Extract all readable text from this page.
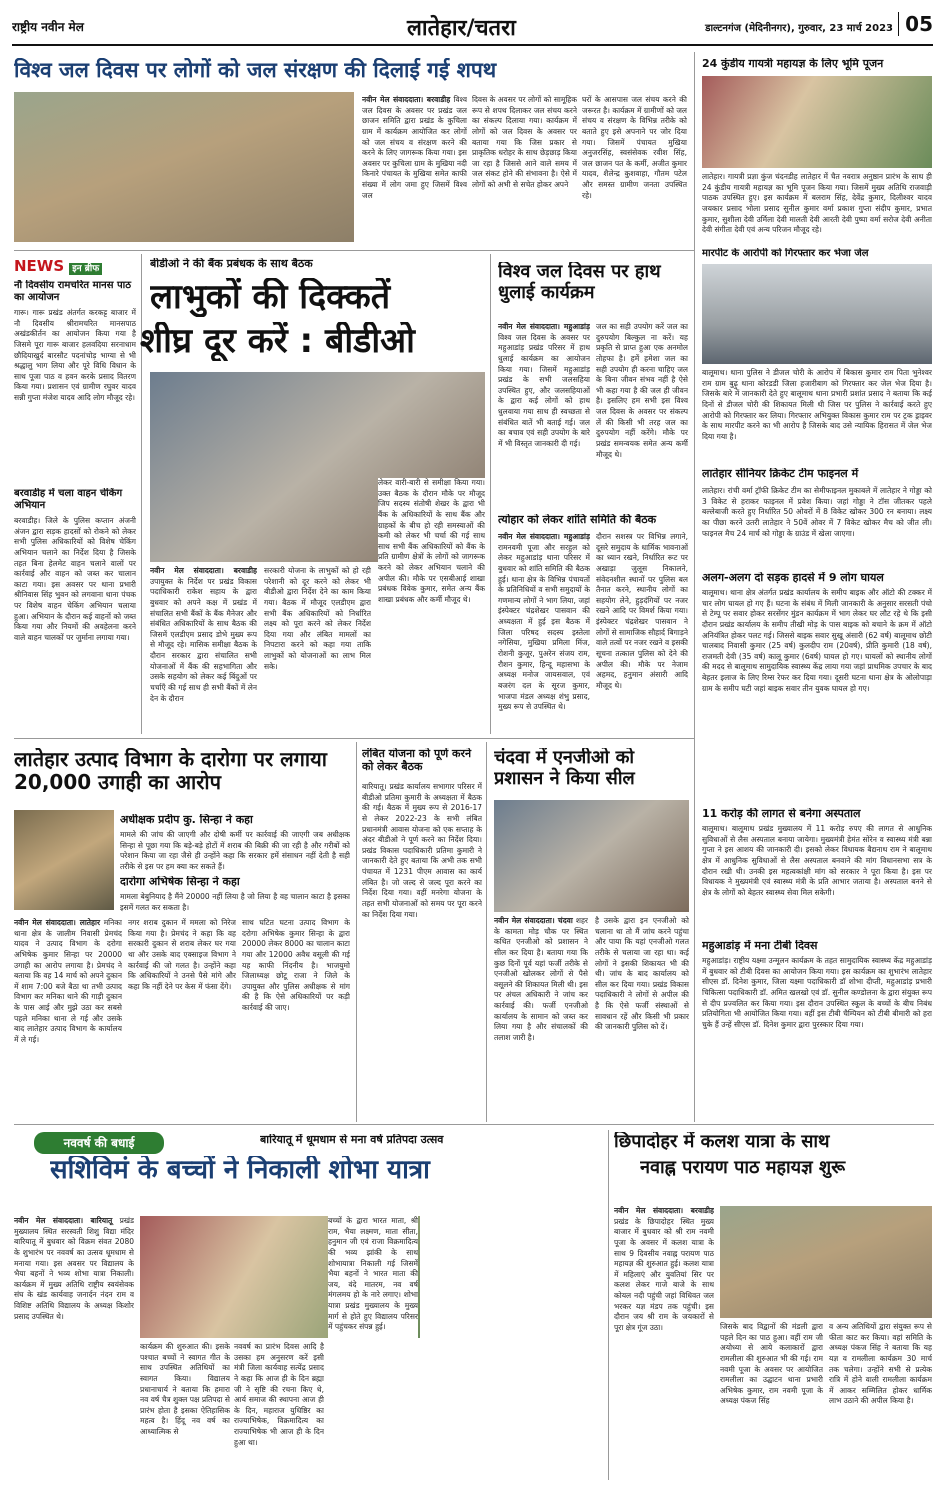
राष्ट्रीय नवीन मेल	लातेहार/चतरा	डाल्टनगंज (मेदिनीनगर), गुरुवार, 23 मार्च 2023 05
विश्व जल दिवस पर लोगों को जल संरक्षण की दिलाई गई शपथ
नवीन मेल संवाददाता। बरवाडीह विश्व जल दिवस के अवसर पर प्रखंड जल छाजन समिति द्वारा प्रखंड के कुचिला ग्राम में कार्यक्रम आयोजित कर लोगों को जल संचय व संरक्षण करने की करने के लिए जागरूक किया गया। इस अवसर पर कुचिला ग्राम के मुखिया नदी किनारे पंचायत के मुखिया समेत काफी संख्या में लोग जमा हुए जिसमें विश्व जल
दिवस के अवसर पर लोगों को सामूहिक रूप से शपथ दिलाकर जल संचय करने का संकल्प दिलाया गया। कार्यक्रम में लोगों को जल दिवस के अवसर पर बताया गया कि जिस प्रकार से प्राकृतिक धरोहर के साथ छेड़छाड़ किया जा रहा है जिससे आने वाले समय में जल संकट होने की संभावना है। ऐसे में लोगों को अभी से सचेत होकर अपने
घरों के आसपास जल संचय करने की जरूरत है। कार्यक्रम में ग्रामीणों को जल संचय व संरक्षण के विभिन्न तरीके को बताते हुए इसे अपनाने पर जोर दिया गया। जिसमें पंचायत मुखिया अनुजरसिंह, स्वसंसेवक रवीश सिंह, जल छाजन पत के कर्मी, अजीत कुमार यादव, शैलेन्द्र कुशवाहा, गौतम पटेल और समस्त ग्रामीण जनता उपस्थित रहे।
24 कुंडीय गायत्री महायज्ञ के लिए भूमि पूजन
लातेहार। गायत्री प्रज्ञा कुंज चंदनडीह लातेहार में चैत नवरात्र अनुष्ठान प्रारंभ के साथ ही 24 कुंडीय गायत्री महायज्ञ का भूमि पूजन किया गया। जिसमें मुख्य अतिथि राजवाड़ी पाठक उपस्थित हुए। इस कार्यक्रम में बलराम सिंह, देवेंद्र कुमार, दिलीश्वर यादव जयकार प्रसाद भोला प्रसाद सुनील कुमार वर्मा प्रकाश गुप्ता संदीप कुमार, प्रभात कुमार, सुशीला देवी उर्मिला देवी मालती देवी आरती देवी पुष्पा वर्मा सरोज देवी अनीता देवी संगीता देवी एवं अन्य परिजन मौजूद रहे।
NEWS इन ब्रीफ
नौ दिवसीय रामचरित मानस पाठ का आयोजन
गारू। गारू प्रखंड अंतर्गत करकट्ट बाजार में नौ दिवसीय श्रीरामचरित मानसपाठ अखंडकीर्तन का आयोजन किया गया है जिसमे पूरा गारू बाजार हलवदिया सरनाधाम छौदियाखुर्द बारसौट पदनांचोड़ भाग्या से भी श्रद्धालु भाग लिया और पूरे विधि विधान के साथ पूजा पाठ व हवन करके प्रसाद वितरण किया गया। प्रशासन एवं ग्रामीण रघुवर यादव सन्नी गुप्ता मंजेश यादव आदि लोग मौजूद रहे।
बरवाडीह में चला वाहन चेकिंग अभियान
बरवाडीह। जिले के पुलिस कप्तान अंजनी अंजन द्वारा सड़क हादसों को रोकने को लेकर सभी पुलिस अधिकारियों को विशेष चेकिंग अभियान चलाने का निर्देश दिया है जिसके तहत बिना हेलमेट वाहन चलाने वालों पर कार्रवाई और वाहन को जब्त कर चालान काटा गया। इस अवसर पर थाना प्रभारी श्रीनिवास सिंह भुवन को लगवाना थाना पंचक पर विशेष वाहन चेकिंग अभियान चलाया हुआ। अभियान के दौरान कई वाहनों को जब्त किया गया और नियमों की अवहेलना करने वाले वाहन चालकों पर जुर्माना लगाया गया।
बीडीओ ने की बैंक प्रबंधक के साथ बैठक
लाभुकों की दिक्कतें
शीघ्र दूर करें : बीडीओ
नवीन मेल संवाददाता। बरवाडीह उपायुक्त के निर्देश पर प्रखंड विकास पदाधिकारी राकेश सहाय के द्वारा बुधवार को अपने कक्ष में प्रखंड में संचालित सभी बैंकों के बैंक मैनेजर और संबंधित अधिकारियों के साथ बैठक की जिसमें एलडीएम प्रसाद डोभे मुख्य रूप से मौजूद रहे। मासिक समीक्षा बैठक के दौरान सरकार द्वारा संचालित सभी योजनाओं में बैंक की सहभागिता और उसके सहयोग को लेकर कई बिंदुओं पर चर्चाएँ की गई साथ ही सभी बैंकों में लेन देन के दौरान
सरकारी योजना के लाभुकों को हो रही परेशानी को दूर करने को लेकर भी बीडीओ द्वारा निर्देश देने का काम किया गया। बैठक में मौजूद एलडीएम द्वारा सभी बैंक अधिकारियों को निर्धारित लक्ष्य को पूरा करने को लेकर निर्देश दिया गया और लंबित मामलों का निपटारा करने को कहा गया ताकि लाभुकों को योजनाओं का लाभ मिल सके।
लेकर वारी-बारी से समीक्षा किया गया। उक्त बैठक के दौरान मौके पर मौजूद जिप सदस्य संतोषी शेखर के द्वारा भी बैंक के अधिकारियों के साथ बैंक और ग्राहकों के बीच हो रही समस्याओं की कमी को लेकर भी चर्चा की गई साथ साथ सभी बैंक अधिकारियों को बैंक के प्रति ग्रामीण क्षेत्रों के लोगों को जागरूक करने को लेकर अभियान चलाने की अपील की। मौके पर एसबीआई शाखा प्रबंधक विवेक कुमार, समेत अन्य बैंक शाखा प्रबंधक और कर्मी मौजूद थे।
विश्व जल दिवस पर हाथ धुलाई कार्यक्रम
नवीन मेल संवाददाता। महुआडांड़ विश्व जल दिवस के अवसर पर महुआडांड़ प्रखंड परिसर में हाथ धुलाई कार्यक्रम का आयोजन किया गया। जिसमें महुआडांड़ प्रखंड के सभी जलसहिया उपस्थित हुए, और जलसहियाओं के द्वारा कई लोगों को हाथ धुलवाया गया साथ ही स्वच्छता से संबंधित बातें भी बताई गई। जल का बचाव एवं सही उपयोग के बारे में भी विस्तृत जानकारी दी गई।
जल का सही उपयोग करें जल का दुरुपयोग बिल्कुल ना करें। यह प्रकृति से प्राप्त हुआ एक अनमोल तोहफा है। हमें हमेशा जल का सही उपयोग ही करना चाहिए जल के बिना जीवन संभव नहीं है ऐसे भी कहा गया है की जल ही जीवन है। इसलिए हम सभी इस विश्व जल दिवस के अवसर पर संकल्प लें की किसी भी तरह जल का दुरुपयोग नहीं करेंगे। मौके पर प्रखंड समन्वयक समेत अन्य कर्मी मौजूद थे।
त्योहार को लेकर शांति समिति की बैठक
नवीन मेल संवाददाता। महुआडांड़ रामनवमी पूजा और सरहुल को लेकर महुआडांड़ थाना परिसर में बुधवार को शांति समिति की बैठक हुई। थाना क्षेत्र के विभिन्न पंचायतों के प्रतिनिधियों व सभी समुदायों के गणमान्य लोगों ने भाग लिया, जहां इंस्पेक्टर चंद्रशेखर पासवान की अध्यक्षता में हुई इस बैठक में जिला परिषद सदस्य इस्तेला नगेसिया, मुखिया प्रमिला मिंज, रोशनी कुजूर, पुअरेन संजय राम, रौशन कुमार, हिन्दू महासभा के अध्यक्ष मनोज जायसवाल, एवं बजरंग दल के सूरज कुमार, भाजपा मंडल अध्यक्ष शंभु प्रसाद, मुख्य रूप से उपस्थित थे।
दौरान सशस्त्र पर विभिन्न लगाने, दूसरे समुदाय के धार्मिक भावनाओं का ध्यान रखने, निर्धारित रूट पर अखाड़ा जुलूस निकालने, संवेदनशील स्थानों पर पुलिस बल तैनात करने, स्थानीय लोगों का सहयोग लेने, हुड़दंगियों पर नजर रखने आदि पर विमर्श किया गया। इंस्पेक्टर चंद्रशेखर पासवान ने लोगों से सामाजिक सौहार्द बिगाड़ने वाले तत्वों पर नजर रखने व इसकी सूचना तत्काल पुलिस को देने की अपील की। मौके पर नेजाम अहमद, हनुमान अंसारी आदि मौजूद थे।
मारपीट के आरोपी को गिरफ्तार कर भेजा जेल
बालूमाथ। थाना पुलिस ने डीजल चोरी के आरोप में बिकास कुमार राम पिता भुनेश्वर राम ग्राम बुढ़ु थाना कोरडडी जिला हजारीबाग को गिरफ्तार कर जेल भेज दिया है। जिसके बारे में जानकारी देते हुए बालूमाथ थाना प्रभारी प्रशांत प्रसाद ने बताया कि कई दिनों से डीजल चोरी की शिकायत मिली थी जिस पर पुलिस ने कार्रवाई करते हुए आरोपी को गिरफ्तार कर लिया। गिरफ्तार अभियुक्त विकास कुमार राम पर ट्रक ड्राइवर के साथ मारपीट करने का भी आरोप है जिसके बाद उसे न्यायिक हिरासत में जेल भेज दिया गया है।
लातेहार सीनियर क्रिकेट टीम फाइनल में
लातेहार। रांची वर्मा ट्रॉफी क्रिकेट टीम का सेमीफाइनल मुकाबले में लातेहार ने गोड्डा को 3 विकेट से हराकर फाइनल में प्रवेश किया। जहां गोड्डा ने टॉस जीतकर पहले बल्लेबाजी करते हुए निर्धारित 50 ओवरों में 8 विकेट खोकर 300 रन बनाया। लक्ष्य का पीछा करने उतरी लातेहार ने 50वें ओवर में 7 विकेट खोकर मैच को जीत ली। फाइनल मैच 24 मार्च को गोड्डा के ग्राउंड में खेला जाएगा।
अलग-अलग दो सड़क हादसे में 9 लोग घायल
बालूमाथ। थाना क्षेत्र अंतर्गत प्रखंड कार्यालय के समीप बाइक और ऑटो की टक्कर में चार लोग घायल हो गए हैं। घटना के संबंध में मिली जानकारी के अनुसार सरसती पंचो से टेम्पू पर सवार होकर सरसेंगर मुंडन कार्यक्रम में भाग लेकर घर लौट रहे थे कि इसी दौरान प्रखंड कार्यालय के समीप तीखी मोड़ के पास बाइक को बचाने के क्रम में ऑटो अनियंत्रित होकर पलट गई। जिससे बाइक सवार सुखू अंसारी (62 वर्ष) बालूमाथ छोटी चालबाद निवासी कुमार (25 वर्ष) कुलदीप राम (20वर्ष), प्रीति कुमारी (18 वर्ष), राजमती देवी (35 वर्ष) कालू कुमार (6वर्ष) घायल हो गए। घायलों को स्थानीय लोगों की मदद से बालूमाथ सामुदायिक स्वास्थ्य केंद्र लाया गया जहां प्राथमिक उपचार के बाद बेहतर इलाज के लिए रिम्स रेफर कर दिया गया। दूसरी घटना थाना क्षेत्र के ओलोपाड़ा ग्राम के समीप घटी जहां बाइक सवार तीन युवक घायल हो गए।
11 करोड़ की लागत से बनेगा अस्पताल
बालूमाथ। बालूमाथ प्रखंड मुख्यालय में 11 करोड़ रुपए की लागत से आधुनिक सुविधाओं से लैस अस्पताल बनाया जायेगा। मुख्यमंत्री हेमंत सोरेन व स्वास्थ्य मंत्री बन्ना गुप्ता ने इस आशय की जानकारी दी। इसको लेकर विधायक बैद्यनाथ राम ने बालूमाथ क्षेत्र में आधुनिक सुविधाओं से लैस अस्पताल बनवाने की मांग विधानसभा सत्र के दौरान रखी थी। उनकी इस महत्वकांक्षी मांग को सरकार ने पूरा किया है। इस पर विधायक ने मुख्यमंत्री एवं स्वास्थ्य मंत्री के प्रति आभार जताया है। अस्पताल बनने से क्षेत्र के लोगों को बेहतर स्वास्थ्य सेवा मिल सकेगी।
महुआडांड़ में मना टीबी दिवस
महुआडांड़। राष्ट्रीय यक्ष्मा उन्मूलन कार्यक्रम के तहत सामुदायिक स्वास्थ्य केंद्र महुआडांड़ में बुधवार को टीबी दिवस का आयोजन किया गया। इस कार्यक्रम का शुभारंभ लातेहार सीएस डॉ. दिनेश कुमार, जिला यक्ष्मा पदाधिकारी डॉ शोभा दीप्ती, महुआडांड़ प्रभारी चिकित्सा पदाधिकारी डॉ. अमित खलखो एवं डॉ. सुनील कण्डोलना के द्वारा संयुक्त रूप से दीप प्रज्वलित कर किया गया। इस दौरान उपस्थित स्कूल के बच्चों के बीच निबंध प्रतियोगिता भी आयोजित किया गया। वहीं इस टीबी चैम्पियन को टीबी बीमारी को हरा चुके हैं उन्हें सीएस डॉ. दिनेश कुमार द्वारा पुरस्कार दिया गया।
लातेहार उत्पाद विभाग के दारोगा पर लगाया 20,000 उगाही का आरोप
अधीक्षक प्रदीप कु. सिन्हा ने कहा
मामले की जांच की जाएगी और दोषी कर्मी पर कार्रवाई की जाएगी जब अधीक्षक सिन्हा से पूछा गया कि बड़े-बड़े होटों में शराब की बिक्री की जा रही है और गरीबों को परेशान किया जा रहा जैसे ही उन्होंने कहा कि सरकार हमें संसाधन नहीं देती है सही तरीके से इस पर हम क्या कर सकते हैं।
दारोगा अभिषेक सिन्हा ने कहा
मामला बेबुनियाद है मैंने 20000 नहीं लिया है जो लिया है वह चालान काटा है इसका इसमें गलत कर सकता है।
नवीन मेल संवाददाता। लातेहार मनिका थाना क्षेत्र के जालीम निवासी प्रेमचंद यादव ने उत्पाद विभाग के दरोगा अभिषेक कुमार सिन्हा पर 20000 उगाही का आरोप लगाया है। प्रेमचंद ने बताया कि वह 14 मार्च को अपने दुकान में शाम 7:00 बजे बैठा था तभी उत्पाद विभाग कर मनिका थाने की गाड़ी दुकान के पास आई और मुझे उठा कर सबसे पहले मनिका थाना ले गई और उसके बाद लातेहार उत्पाद विभाग के कार्यालय में ले गई।
नगर शराब दुकान में ममला को निरेज किया गया है। प्रेमचंद ने कहा कि वह सरकारी दुकान से शराब लेकर घर गया था और उसके बाद एक्साइज विभाग ने कार्रवाई की जो गलत है। उन्होंने कहा कि अधिकारियों ने उनसे पैसे मांगे और कहा कि नहीं देने पर केस में फंसा देंगे।
साथ घटित घटना उत्पाद विभाग के दरोगा अभिषेक कुमार सिन्हा के द्वारा 20000 लेकर 8000 का चालान काटा गया और 12000 अवैध वसूली की गई यह काफी निंदनीय है। भाजयुमो जिलाध्यक्ष छोटू राजा ने जिले के उपायुक्त और पुलिस अधीक्षक से मांग की है कि ऐसे अधिकारियों पर कड़ी कार्रवाई की जाए।
लंबित योजना को पूर्ण करने को लेकर बैठक
बारियातू। प्रखंड कार्यालय सभागार परिसर में बीडीओ प्रतिमा कुमारी के अध्यक्षता में बैठक की गई। बैठक में मुख्य रूप से 2016-17 से लेकर 2022-23 के सभी लंबित प्रधानमंत्री आवास योजना को एक सप्ताह के अंदर बीडीओ ने पूर्ण करने का निर्देश दिया। प्रखंड विकास पदाधिकारी प्रतिमा कुमारी ने जानकारी देते हुए बताया कि अभी तक सभी पंचायत में 1231 पीएम आवास का कार्य लंबित है। जो जल्द से जल्द पूरा करने का निर्देश दिया गया। वहीं मनरेगा योजना के तहत सभी योजनाओं को समय पर पूरा करने का निर्देश दिया गया।
चंदवा में एनजीओ को प्रशासन ने किया सील
नवीन मेल संवाददाता। चंदवा शहर के कामता मोड़ चौक पर स्थित कथित एनजीओ को प्रशासन ने सील कर दिया है। बताया गया कि कुछ दिनों पूर्व यहां फर्जी तरीके से एनजीओ खोलकर लोगों से पैसे वसूलने की शिकायत मिली थी। इस पर अंचल अधिकारी ने जांच कर कार्रवाई की। फर्जी एनजीओ कार्यालय के सामान को जब्त कर लिया गया है और संचालकों की तलाश जारी है।
है उसके द्वारा इन एनजीओ को चलाना था तो मैं जांच करने पहुंचा और पाया कि यहां एनजीओ गलत तरीके से चलाया जा रहा था। कई लोगों ने इसकी शिकायत भी की थी। जांच के बाद कार्यालय को सील कर दिया गया। प्रखंड विकास पदाधिकारी ने लोगों से अपील की है कि ऐसे फर्जी संस्थाओं से सावधान रहें और किसी भी प्रकार की जानकारी पुलिस को दें।
नववर्ष की बधाई	बारियातू में धूमधाम से मना वर्ष प्रतिपदा उत्सव
सशिविमं के बच्चों ने निकाली शोभा यात्रा
नवीन मेल संवाददाता। बारियातू प्रखंड मुख्यालय स्थित सरस्वती शिशु विद्या मंदिर बारियातू में बुधवार को विक्रम संवत 2080 के शुभारंभ पर नववर्ष का उत्सव धूमधाम से मनाया गया। इस अवसर पर विद्यालय के भैया बहनों ने भव्य शोभा यात्रा निकाली। कार्यक्रम में मुख्य अतिथि राष्ट्रीय स्वयंसेवक संघ के खंड कार्यवाह जनार्दन नंदन राम व विशिष्ट अतिथि विद्यालय के अध्यक्ष किशोर प्रसाद उपस्थित थे।
कार्यक्रम की शुरुआत की। इसके पश्चात बच्चों ने स्वागत गीत के साथ उपस्थित अतिथियों का स्वागत किया। विद्यालय प्रधानाचार्य ने बताया कि हमारा नव वर्ष चैत्र शुक्ल पक्ष प्रतिपदा से प्रारंभ होता है इसका ऐतिहासिक महत्व है। हिंदू नव वर्ष का आध्यात्मिक से
नववर्ष का प्रारंभ दिवस आदि है उसका हम अनुसरण करें इसी मंत्री जिला कार्यवाह सत्येंद्र प्रसाद ने कहा कि आज ही के दिन ब्रह्मा जी ने सृष्टि की रचना किए थे, आर्य समाज की स्थापना आज ही के दिन, महाराज युधिष्ठिर का राज्याभिषेक, विक्रमादित्य का राज्याभिषेक भी आज ही के दिन हुआ था।
बच्चों के द्वारा भारत माता, श्री राम, भैया लक्ष्मण, माता सीता, हनुमान जी एवं राजा विक्रमादित्य की भव्य झांकी के साथ शोभायात्रा निकाली गई जिसमें भैया बहनों ने भारत माता की जय, वंदे मातरम, नव वर्ष मंगलमय हो के नारे लगाए। शोभा यात्रा प्रखंड मुख्यालय के मुख्य मार्ग से होते हुए विद्यालय परिसर में पहुंचकर संपन्न हुई।
छिपादोहर में कलश यात्रा के साथ
नवाह्न परायण पाठ महायज्ञ शुरू
नवीन मेल संवाददाता। बरवाडीह प्रखंड के छिपादोहर स्थित मुख्य बाजार में बुधवार को श्री राम नवमी पूजा के अवसर में कलश यात्रा के साथ 9 दिवसीय नवाह्न परायण पाठ महायज्ञ की शुरुआत हुई। कलश यात्रा में महिलाएं और युवतियां सिर पर कलश लेकर गाजे बाजे के साथ कोयल नदी पहुंची जहां विधिवत जल भरकर यज्ञ मंडप तक पहुंची। इस दौरान जय श्री राम के जयकारों से पूरा क्षेत्र गूंज उठा।	जिसके बाद विद्वानों की मंडली द्वारा पहले दिन का पाठ हुआ। वहीं राम जी अयोध्या से आये कलाकारों द्वारा रामलीला की शुरुआत भी की गई। राम नवमी पूजा के अवसर पर आयोजित रामलीला का उद्घाटन थाना प्रभारी अभिषेक कुमार, राम नवमी पूजा के अध्यक्ष पंकज सिंह
व अन्य अतिथियों द्वारा संयुक्त रूप से फीता काट कर किया। वहां समिति के अध्यक्ष पंकज सिंह ने बताया कि यह यज्ञ व रामलीला कार्यक्रम 30 मार्च तक चलेगा। उन्होंने सभी से प्रत्येक रात्रि में होने वाली रामलीला कार्यक्रम में आकर सम्मिलित होकर धार्मिक लाभ उठाने की अपील किया है।
